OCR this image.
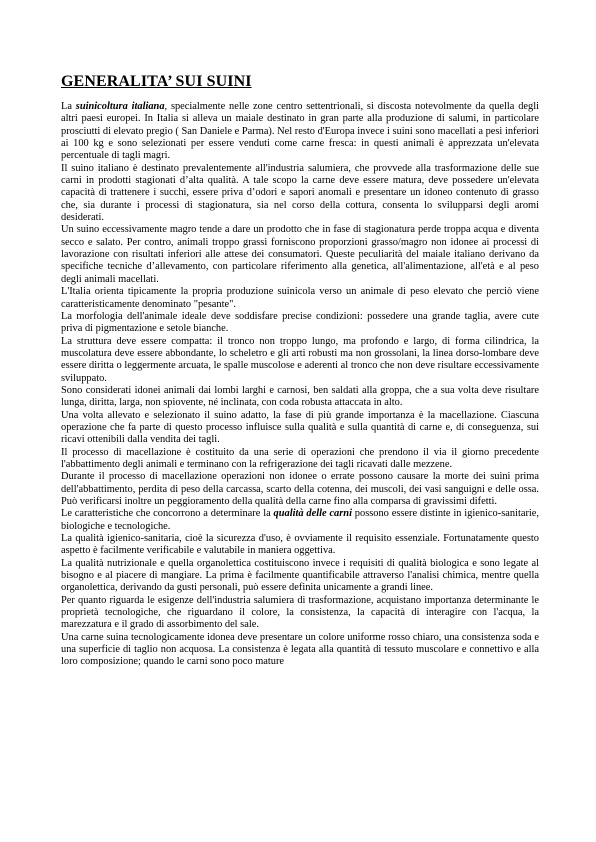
GENERALITA’ SUI SUINI

La suinicoltura italiana, specialmente nelle zone centro settentrionali, si discosta notevolmente da quella degli altri paesi europei. In Italia si alleva un maiale destinato in gran parte alla produzione di salumi, in particolare prosciutti di elevato pregio ( San Daniele e Parma). Nel resto d'Europa invece i suini sono macellati a pesi inferiori ai 100 kg e sono selezionati per essere venduti come carne fresca: in questi animali è apprezzata un'elevata percentuale di tagli magri.

Il suino italiano è destinato prevalentemente all'industria salumiera, che provvede alla trasformazione delle sue carni in prodotti stagionati d’alta qualità. A tale scopo la carne deve essere matura, deve possedere un'elevata capacità di trattenere i succhi, essere priva d’odori e sapori anomali e presentare un idoneo contenuto di grasso che, sia durante i processi di stagionatura, sia nel corso della cottura, consenta lo svilupparsi degli aromi desiderati.

Un suino eccessivamente magro tende a dare un prodotto che in fase di stagionatura perde troppa acqua e diventa secco e salato. Per contro, animali troppo grassi forniscono proporzioni grasso/magro non idonee ai processi di lavorazione con risultati inferiori alle attese dei consumatori. Queste peculiarità del maiale italiano derivano da specifiche tecniche d’allevamento, con particolare riferimento alla genetica, all'alimentazione, all'età e al peso degli animali macellati.

L'Italia orienta tipicamente la propria produzione suinicola verso un animale di peso elevato che perciò viene caratteristicamente denominato "pesante".

La morfologia dell'animale ideale deve soddisfare precise condizioni: possedere una grande taglia, avere cute priva di pigmentazione e setole bianche.

La struttura deve essere compatta: il tronco non troppo lungo, ma profondo e largo, di forma cilindrica, la muscolatura deve essere abbondante, lo scheletro e gli arti robusti ma non grossolani, la linea dorso-lombare deve essere diritta o leggermente arcuata, le spalle muscolose e aderenti al tronco che non deve risultare eccessivamente sviluppato.

Sono considerati idonei animali dai lombi larghi e carnosi, ben saldati alla groppa, che a sua volta deve risultare lunga, diritta, larga, non spiovente, né inclinata, con coda robusta attaccata in alto.

Una volta allevato e selezionato il suino adatto, la fase di più grande importanza è la macellazione. Ciascuna operazione che fa parte di questo processo influisce sulla qualità e sulla quantità di carne e, di conseguenza, sui ricavi ottenibili dalla vendita dei tagli.

Il processo di macellazione è costituito da una serie di operazioni che prendono il via il giorno precedente l'abbattimento degli animali e terminano con la refrigerazione dei tagli ricavati dalle mezzene.

Durante il processo di macellazione operazioni non idonee o errate possono causare la morte dei suini prima dell'abbattimento, perdita di peso della carcassa, scarto della cotenna, dei muscoli, dei vasi sanguigni e delle ossa. Può verificarsi inoltre un peggioramento della qualità della carne fino alla comparsa di gravissimi difetti.

Le caratteristiche che concorrono a determinare la qualità delle carni possono essere distinte in igienico-sanitarie, biologiche e tecnologiche.

La qualità igienico-sanitaria, cioè la sicurezza d'uso, è ovviamente il requisito essenziale. Fortunatamente questo aspetto è facilmente verificabile e valutabile in maniera oggettiva.

La qualità nutrizionale e quella organolettica costituiscono invece i requisiti di qualità biologica e sono legate al bisogno e al piacere di mangiare. La prima è facilmente quantificabile attraverso l'analisi chimica, mentre quella organolettica, derivando da gusti personali, può essere definita unicamente a grandi linee.

Per quanto riguarda le esigenze dell'industria salumiera di trasformazione, acquistano importanza determinante le proprietà tecnologiche, che riguardano il colore, la consistenza, la capacità di interagire con l'acqua, la marezzatura e il grado di assorbimento del sale.

Una carne suina tecnologicamente idonea deve presentare un colore uniforme rosso chiaro, una consistenza soda e una superficie di taglio non acquosa. La consistenza è legata alla quantità di tessuto muscolare e connettivo e alla loro composizione; quando le carni sono poco mature
